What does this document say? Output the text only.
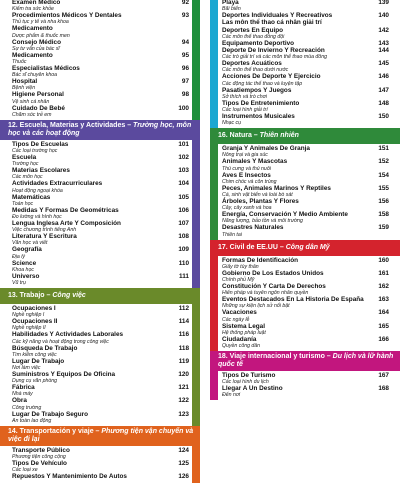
Examen Médico	92
Kiểm tra sức khỏe
Procedimientos Médicos Y Dentales	93
Thủ tục y tế và nha khoa
Medicamento
Dược phẩm & thuốc men
Consejo Médico	94
Sự tư vấn của bác sĩ
Medicamento	95
Thuốc
Especialistas Médicos	96
Bác sĩ chuyên khoa
Hospital	97
Bệnh viện
Higiene Personal	98
Vệ sinh cá nhân
Cuidado De Bebé	100
Chăm sóc trẻ em
12. Escuela, Materias y Actividades – Trường học, môn học và các hoạt động
Tipos De Escuelas	101
Các loại trường học
Escuela	102
Trường học
Materias Escolares	103
Các môn học
Actividades Extracurriculares	104
Hoạt động ngoại khóa
Matemáticas	105
Toán học
Medidas Y Formas De Geométricas	106
Đo lường và hình học
Lengua Inglesa Arte Y Composición	107
Việc chương trình tiếng Anh
Literatura Y Escritura	108
Văn học và viết
Geografía	109
Địa lý
Science	110
Khoa học
Universo	111
Vũ trụ
13. Trabajo – Công việc
Ocupaciones I	112
Nghề nghiệp I
Ocupaciones II	114
Nghề nghiệp II
Habilidades Y Actividades Laborales	116
Các kỹ năng và hoạt động trong công việc
Búsqueda De Trabajo	118
Tìm kiếm công việc
Lugar De Trabajo	119
Nơi làm việc
Suministros Y Equipos De Oficina	120
Dụng cụ văn phòng
Fábrica	121
Nhà máy
Obra	122
Công trường
Lugar De Trabajo Seguro	123
An toàn lao động
14. Transportación y viaje – Phương tiện vận chuyển và việc đi lại
Transporte Público	124
Phương tiện công cộng
Tipos De Vehículo	125
Các loại xe
Repuestos Y Mantenimiento De Autos	126
Playa	139
Bãi biển
Deportes Individuales Y Recreativos	140
Las môn thể thao cá nhân giải trí
Deportes En Equipo	142
Các môn thể thao đồng đội
Equipamento Deportivo	143
Deporte De Invierno Y Recreación	144
Các trò giải trí và các môn thể thao mùa đông
Deportes Acuáticos	145
Các môn thể thao dưới nước
Acciones De Deporte Y Ejercicio	146
Các động tác thể thao và luyện tập
Pasatiempos Y Juegos	147
Sở thích và trò chơi
Tipos De Entretenimiento	148
Các loại hình giải trí
Instrumentos Musicales	150
Nhạc cụ
16. Natura – Thiên nhiên
Granja Y Animales De Granja	151
Nông trại và gia súc
Animales Y Mascotas	152
Thú cưng và thú nuôi
Aves E Insectos	154
Chim chóc và côn trùng
Peces, Animales Marinos Y Reptiles	155
Cá, sinh vật biển và loài bò sát
Árboles, Plantas Y Flores	156
Cây, cây xanh và hoa
Energía, Conservación Y Medio Ambiente	158
Năng lượng, bảo tồn và môi trường
Desastres Naturales	159
Thiên tai
17. Civil de EE.UU – Công dân Mỹ
Formas De Identificación	160
Giấy tờ tùy thân
Gobierno De Los Estados Unidos	161
Chính phủ Mỹ
Constitución Y Carta De Derechos	162
Hiến pháp và tuyên ngôn nhân quyền
Eventos Destacados En La Historia De España	163
Những sự kiện lịch sử nổi bật
Vacaciones	164
Các ngày lễ
Sistema Legal	165
Hệ thống pháp luật
Ciudadanía	166
Quyền công dân
18. Viaje internacional y turismo – Du lịch và lữ hành quốc tế
Tipos De Turismo	167
Các loại hình du lịch
Llegar A Un Destino	168
Đến nơi
